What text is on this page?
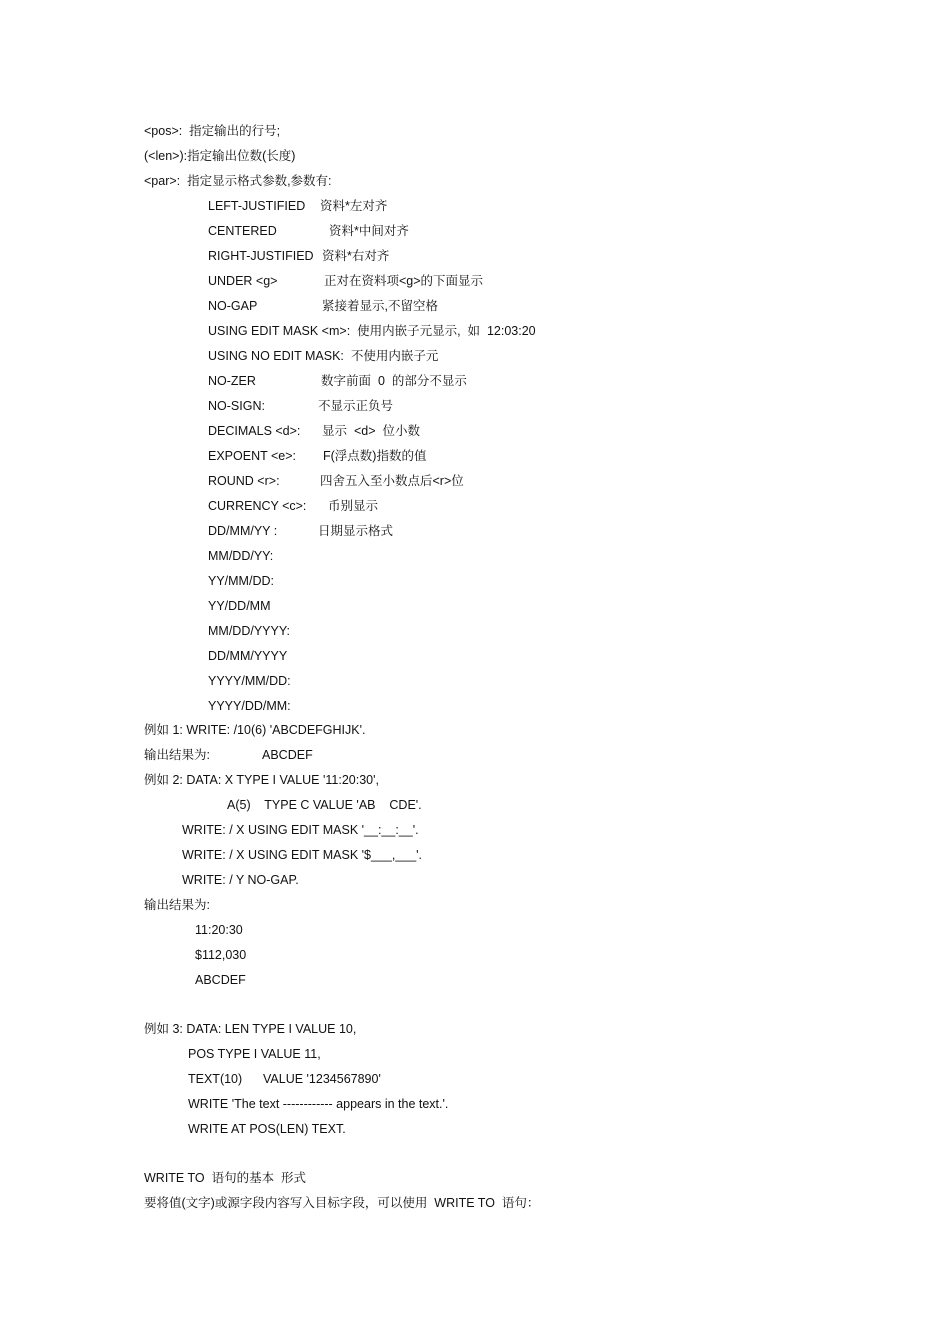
<pos>:  指定输出的行号;
(<len>):指定输出位数(长度)
<par>:  指定显示格式参数,参数有:
LEFT-JUSTIFIED 资料*左对齐
CENTERED	资料*中间对齐
RIGHT-JUSTIFIED 资料*右对齐
UNDER <g>	正对在资料项<g>的下面显示
NO-GAP	紧接着显示,不留空格
USING EDIT MASK <m>:  使用内嵌子元显示,  如  12:03:20
USING NO EDIT MASK:  不使用内嵌子元
NO-ZER	数字前面  0  的部分不显示
NO-SIGN:	不显示正负号
DECIMALS <d>: 显示  <d>  位小数
EXPOENT <e>: F(浮点数)指数的值
ROUND <r>:	四舍五入至小数点后<r>位
CURRENCY <c>: 币别显示
DD/MM/YY :	日期显示格式
MM/DD/YY:
YY/MM/DD:
YY/DD/MM
MM/DD/YYYY:
DD/MM/YYYY
YYYY/MM/DD:
YYYY/DD/MM:
例如 1: WRITE: /10(6) 'ABCDEFGHIJK'.
输出结果为:	ABCDEF
例如 2: DATA: X TYPE I VALUE '11:20:30',
A(5)    TYPE C VALUE 'AB    CDE'.
WRITE: / X USING EDIT MASK '__:__:__'.
WRITE: / X USING EDIT MASK '$___,___'.
WRITE: / Y NO-GAP.
输出结果为:
11:20:30
$112,030
ABCDEF
例如 3: DATA: LEN TYPE I VALUE 10,
POS TYPE I VALUE 11,
TEXT(10)      VALUE '1234567890'
WRITE 'The text ------------ appears in the text.'.
WRITE AT POS(LEN) TEXT.
WRITE TO  语句的基本  形式
要将值(文字)或源字段内容写入目标字段，可以使用  WRITE TO  语句：
